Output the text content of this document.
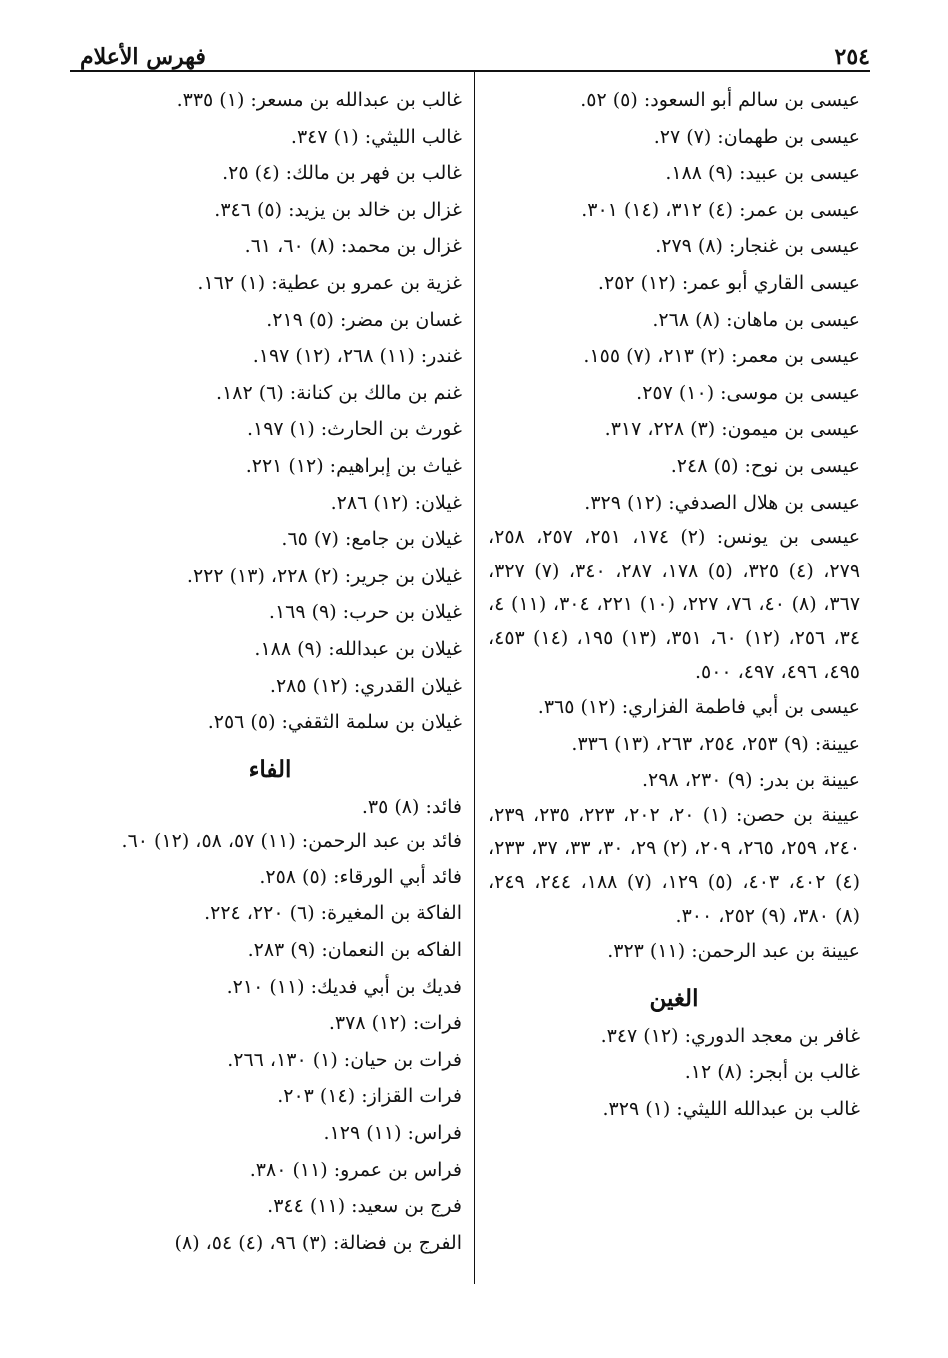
٢٥٤
فهرس الأعلام
عيسى بن سالم أبو السعود: (٥) ٥٢.
عيسى بن طهمان: (٧) ٢٧.
عيسى بن عبيد: (٩) ١٨٨.
عيسى بن عمر: (٤) ٣١٢، (١٤) ٣٠١.
عيسى بن غنجار: (٨) ٢٧٩.
عيسى القاري أبو عمر: (١٢) ٢٥٢.
عيسى بن ماهان: (٨) ٢٦٨.
عيسى بن معمر: (٢) ٢١٣، (٧) ١٥٥.
عيسى بن موسى: (١٠) ٢٥٧.
عيسى بن ميمون: (٣) ٢٢٨، ٣١٧.
عيسى بن نوح: (٥) ٢٤٨.
عيسى بن هلال الصدفي: (١٢) ٣٢٩.
عيسى بن يونس: (٢) ١٧٤، ٢٥١، ٢٥٧، ٢٥٨، ٢٧٩، (٤) ٣٢٥، (٥) ١٧٨، ٢٨٧، ٣٤٠، (٧) ٣٢٧، ٣٦٧، (٨) ٤٠، ٧٦، ٢٢٧، (١٠) ٢٢١، ٣٠٤، (١١) ٤، ٣٤، ٢٥٦، (١٢) ٦٠، ٣٥١، (١٣) ١٩٥، (١٤) ٤٥٣، ٤٩٥، ٤٩٦، ٤٩٧، ٥٠٠.
عيسى بن أبي فاطمة الفزاري: (١٢) ٣٦٥.
عيينة: (٩) ٢٥٣، ٢٥٤، ٢٦٣، (١٣) ٣٣٦.
عيينة بن بدر: (٩) ٢٣٠، ٢٩٨.
عيينة بن حصن: (١) ٢٠، ٢٠٢، ٢٢٣، ٢٣٥، ٢٣٩، ٢٤٠، ٢٥٩، ٢٦٥، ٢٠٩، (٢) ٢٩، ٣٠، ٣٣، ٣٧، ٢٣٣، (٤) ٤٠٢، ٤٠٣، (٥) ١٢٩، (٧) ١٨٨، ٢٤٤، ٢٤٩، (٨) ٣٨٠، (٩) ٢٥٢، ٣٠٠.
عيينة بن عبد الرحمن: (١١) ٣٢٣.
الغين
غافر بن معجد الدوري: (١٢) ٣٤٧.
غالب بن أبجر: (٨) ١٢.
غالب بن عبدالله الليثي: (١) ٣٢٩.
غالب بن عبدالله بن مسعر: (١) ٣٣٥.
غالب الليثي: (١) ٣٤٧.
غالب بن فهر بن مالك: (٤) ٢٥.
غزال بن خالد بن يزيد: (٥) ٣٤٦.
غزال بن محمد: (٨) ٦٠، ٦١.
غزية بن عمرو بن عطية: (١) ١٦٢.
غسان بن مضر: (٥) ٢١٩.
غندر: (١١) ٢٦٨، (١٢) ١٩٧.
غنم بن مالك بن كنانة: (٦) ١٨٢.
غورث بن الحارث: (١) ١٩٧.
غياث بن إبراهيم: (١٢) ٢٢١.
غيلان: (١٢) ٢٨٦.
غيلان بن جامع: (٧) ٦٥.
غيلان بن جرير: (٢) ٢٢٨، (١٣) ٢٢٢.
غيلان بن حرب: (٩) ١٦٩.
غيلان بن عبدالله: (٩) ١٨٨.
غيلان القدري: (١٢) ٢٨٥.
غيلان بن سلمة الثقفي: (٥) ٢٥٦.
الفاء
فائد: (٨) ٣٥.
فائد بن عبد الرحمن: (١١) ٥٧، ٥٨، (١٢) ٦٠.
فائد أبي الورقاء: (٥) ٢٥٨.
الفاكة بن المغيرة: (٦) ٢٢٠، ٢٢٤.
الفاكه بن النعمان: (٩) ٢٨٣.
فديك بن أبي فديك: (١١) ٢١٠.
فرات: (١٢) ٣٧٨.
فرات بن حيان: (١) ١٣٠، ٢٦٦.
فرات القزاز: (١٤) ٢٠٣.
فراس: (١١) ١٢٩.
فراس بن عمرو: (١١) ٣٨٠.
فرج بن سعيد: (١١) ٣٤٤.
الفرج بن فضالة: (٣) ٩٦، (٤) ٥٤، (٨)
